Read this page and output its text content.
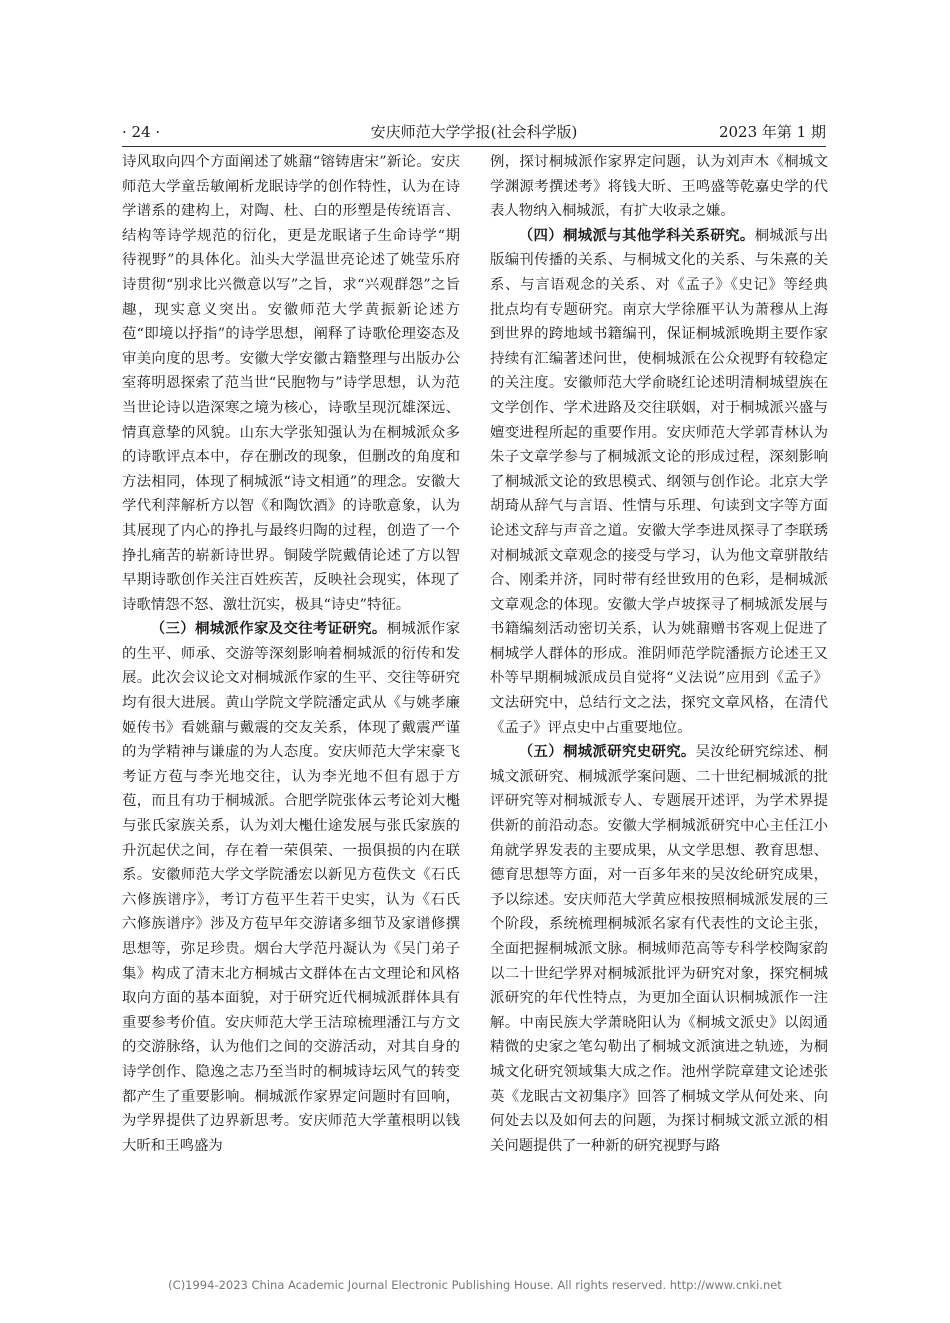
安庆师范大学学报(社会科学版)
· 24 ·	2023 年第 1 期

诗风取向四个方面阐述了姚鼐“镕铸唐宋”新论。安庆师范大学童岳敏阐析龙眠诗学的创作特性，认为在诗学谱系的建构上，对陶、杜、白的形塑是传统语言、结构等诗学规范的衍化，更是龙眠诸子生命诗学“期待视野”的具体化。汕头大学温世亮论述了姚莹乐府诗贯彻“别求比兴微意以写”之旨，求“兴观群怨”之旨趣，现实意义突出。安徽师范大学黄振新论述方苞“即境以抒指”的诗学思想，阐释了诗歌伦理姿态及审美向度的思考。安徽大学安徽古籍整理与出版办公室蒋明恩探索了范当世“民胞物与”诗学思想，认为范当世论诗以造深寒之境为核心，诗歌呈现沉雄深远、情真意挚的风貌。山东大学张知强认为在桐城派众多的诗歌评点本中，存在删改的现象，但删改的角度和方法相同，体现了桐城派“诗文相通”的理念。安徽大学代利萍解析方以智《和陶饮酒》的诗歌意象，认为其展现了内心的挣扎与最终归陶的过程，创造了一个挣扎痛苦的崭新诗世界。铜陵学院戴倩论述了方以智早期诗歌创作关注百姓疾苦，反映社会现实，体现了诗歌情怨不怒、激壮沉实，极具“诗史”特征。

（三）桐城派作家及交往考证研究。桐城派作家的生平、师承、交游等深刻影响着桐城派的衍传和发展。此次会议论文对桐城派作家的生平、交往等研究均有很大进展。黄山学院文学院潘定武从《与姚孝廉姬传书》看姚鼐与戴震的交友关系，体现了戴震严谨的为学精神与谦虚的为人态度。安庆师范大学宋豪飞考证方苞与李光地交往，认为李光地不但有恩于方苞，而且有功于桐城派。合肥学院张体云考论刘大櫆与张氏家族关系，认为刘大櫆仕途发展与张氏家族的升沉起伏之间，存在着一荣俱荣、一损俱损的内在联系。安徽师范大学文学院潘宏以新见方苞佚文《石氏六修族谱序》，考订方苞平生若干史实，认为《石氏六修族谱序》涉及方苞早年交游诸多细节及家谱修撰思想等，弥足珍贵。烟台大学范丹凝认为《吴门弟子集》构成了清末北方桐城古文群体在古文理论和风格取向方面的基本面貌，对于研究近代桐城派群体具有重要参考价值。安庆师范大学王洁琼梳理潘江与方文的交游脉络，认为他们之间的交游活动，对其自身的诗学创作、隐逸之志乃至当时的桐城诗坛风气的转变都产生了重要影响。桐城派作家界定问题时有回响，为学界提供了边界新思考。安庆师范大学董根明以钱大昕和王鸣盛为

例，探讨桐城派作家界定问题，认为刘声木《桐城文学渊源考撰述考》将钱大昕、王鸣盛等乾嘉史学的代表人物纳入桐城派，有扩大收录之嫌。

（四）桐城派与其他学科关系研究。桐城派与出版编刊传播的关系、与桐城文化的关系、与朱熹的关系、与言语观念的关系、对《孟子》《史记》等经典批点均有专题研究。南京大学徐雁平认为萧穆从上海到世界的跨地域书籍编刊，保证桐城派晚期主要作家持续有汇编著述问世，使桐城派在公众视野有较稳定的关注度。安徽师范大学俞晓红论述明清桐城望族在文学创作、学术进路及交往联姻，对于桐城派兴盛与嬗变进程所起的重要作用。安庆师范大学郭青林认为朱子文章学参与了桐城派文论的形成过程，深刻影响了桐城派文论的致思模式、纲领与创作论。北京大学胡琦从辞气与言语、性情与乐理、句读到文字等方面论述文辞与声音之道。安徽大学李进凤探寻了李联琇对桐城派文章观念的接受与学习，认为他文章骈散结合、刚柔并济，同时带有经世致用的色彩，是桐城派文章观念的体现。安徽大学卢坡探寻了桐城派发展与书籍编刻活动密切关系，认为姚鼐赠书客观上促进了桐城学人群体的形成。淮阴师范学院潘振方论述王又朴等早期桐城派成员自觉将“义法说”应用到《孟子》文法研究中，总结行文之法，探究文章风格，在清代《孟子》评点史中占重要地位。

（五）桐城派研究史研究。吴汝纶研究综述、桐城文派研究、桐城派学案问题、二十世纪桐城派的批评研究等对桐城派专人、专题展开述评，为学术界提供新的前沿动态。安徽大学桐城派研究中心主任江小角就学界发表的主要成果，从文学思想、教育思想、德育思想等方面，对一百多年来的吴汝纶研究成果，予以综述。安庆师范大学黄应根按照桐城派发展的三个阶段，系统梳理桐城派名家有代表性的文论主张，全面把握桐城派文脉。桐城师范高等专科学校陶家韵以二十世纪学界对桐城派批评为研究对象，探究桐城派研究的年代性特点，为更加全面认识桐城派作一注解。中南民族大学萧晓阳认为《桐城文派史》以闳通精微的史家之笔勾勒出了桐城文派演进之轨迹，为桐城文化研究领域集大成之作。池州学院章建文论述张英《龙眠古文初集序》回答了桐城文学从何处来、向何处去以及如何去的问题，为探讨桐城文派立派的相关问题提供了一种新的研究视野与路

(C)1994-2023 China Academic Journal Electronic Publishing House. All rights reserved. http://www.cnki.net
